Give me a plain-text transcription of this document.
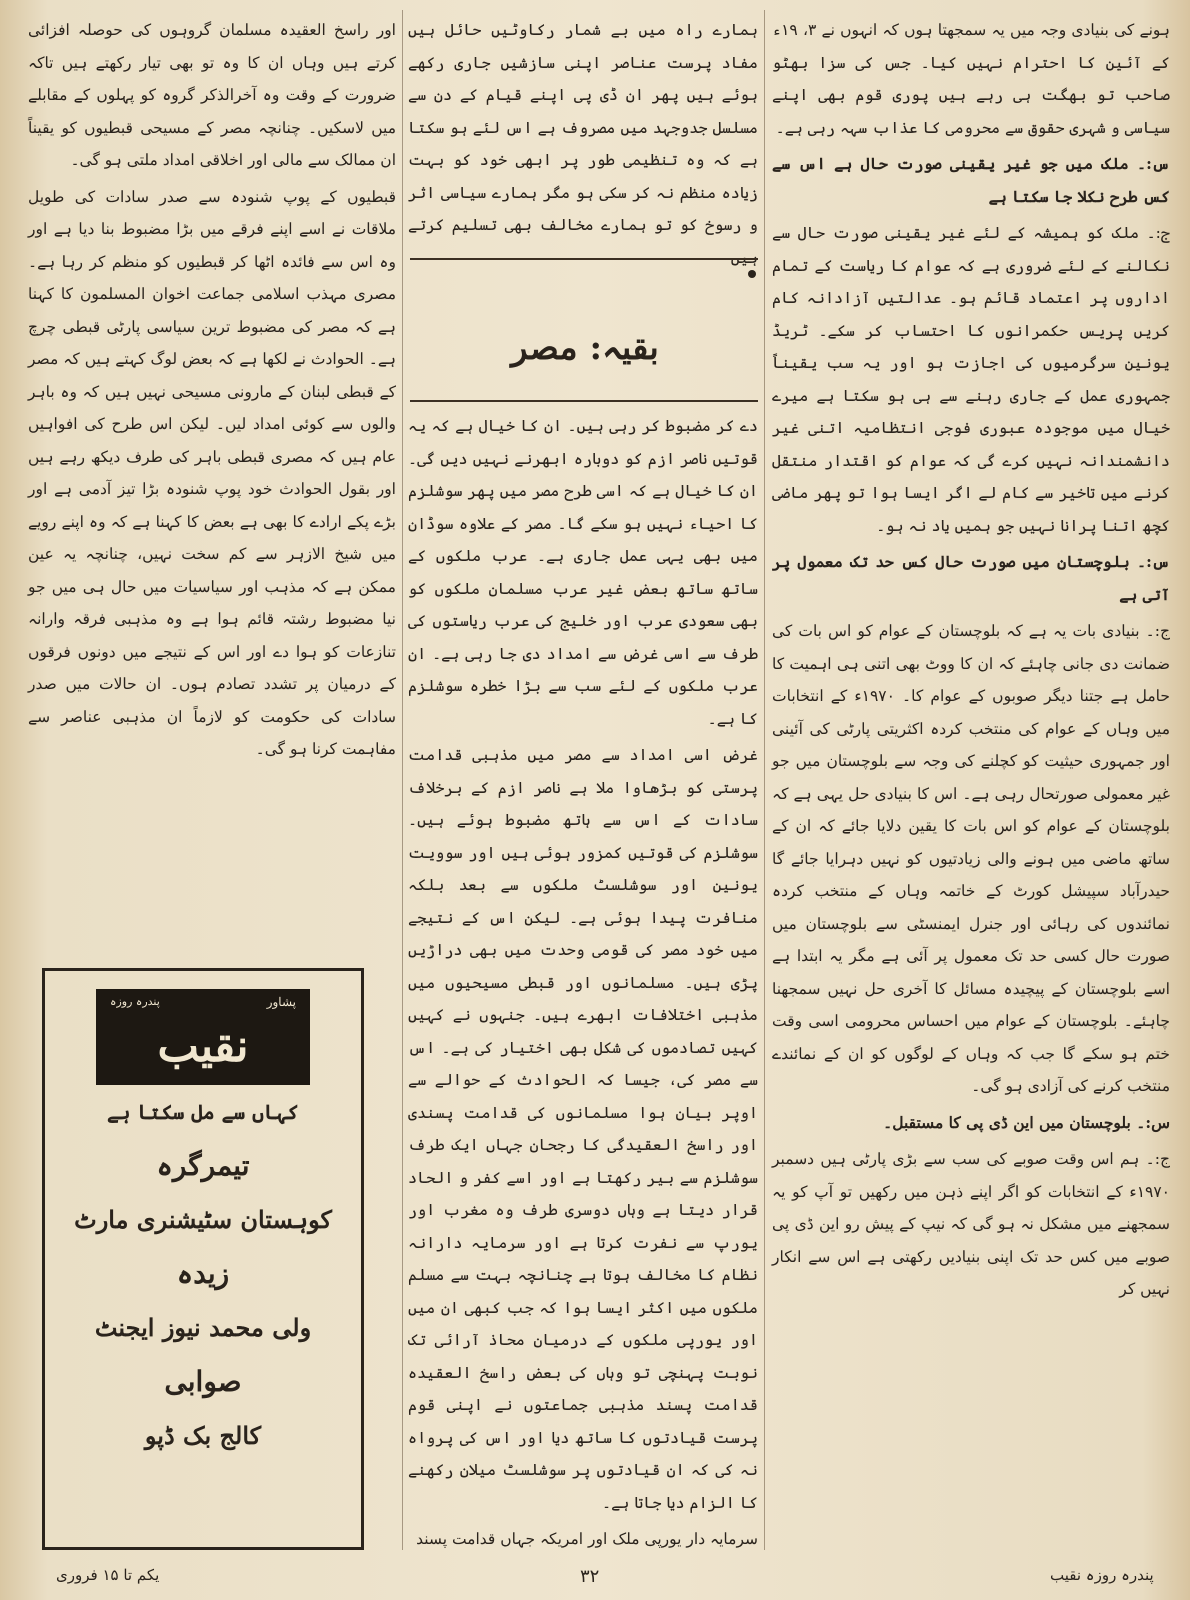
ہونے کی بنیادی وجہ میں یہ سمجھتا ہوں کہ انہوں نے ۳، ۱۹ء کے آئین کا احترام نہیں کیا۔ جس کی سزا بھٹو صاحب تو بھگت ہی رہے ہیں پوری قوم بھی اپنے سیاسی و شہری حقوق سے محرومی کا عذاب سہہ رہی ہے۔

س:۔ ملک میں جو غیر یقینی صورت حال ہے اس سے کس طرح نکلا جا سکتا ہے

ج:۔ ملک کو ہمیشہ کے لئے غیر یقینی صورت حال سے نکالنے کے لئے ضروری ہے کہ عوام کا ریاست کے تمام اداروں پر اعتماد قائم ہو۔ عدالتیں آزادانہ کام کریں پریس حکمرانوں کا احتساب کر سکے۔ ٹریڈ یونین سرگرمیوں کی اجازت ہو اور یہ سب یقیناً جمہوری عمل کے جاری رہنے سے ہی ہو سکتا ہے میرے خیال میں موجودہ عبوری فوجی انتظامیہ اتنی غیر دانشمندانہ نہیں کرے گی کہ عوام کو اقتدار منتقل کرنے میں تاخیر سے کام لے اگر ایسا ہوا تو پھر ماضی کچھ اتنا پرانا نہیں جو ہمیں یاد نہ ہو۔

س:۔ بلوچستان میں صورت حال کس حد تک معمول پر آتی ہے

ج:۔ بنیادی بات یہ ہے کہ بلوچستان کے عوام کو اس بات کی ضمانت دی جانی چاہئے کہ ان کا ووٹ بھی اتنی ہی اہمیت کا حامل ہے جتنا دیگر صوبوں کے عوام کا۔ ۱۹۷۰ء کے انتخابات میں وہاں کے عوام کی منتخب کردہ اکثریتی پارٹی کی آئینی اور جمہوری حیثیت کو کچلنے کی وجہ سے بلوچستان میں جو غیر معمولی صورتحال رہی ہے۔ اس کا بنیادی حل یہی ہے کہ بلوچستان کے عوام کو اس بات کا یقین دلایا جائے کہ ان کے ساتھ ماضی میں ہونے والی زیادتیوں کو نہیں دہرایا جائے گا حیدرآباد سپیشل کورٹ کے خاتمہ وہاں کے منتخب کردہ نمائندوں کی رہائی اور جنرل ایمنسٹی سے بلوچستان میں صورت حال کسی حد تک معمول پر آئی ہے مگر یہ ابتدا ہے اسے بلوچستان کے پیچیدہ مسائل کا آخری حل نہیں سمجھنا چاہئے۔ بلوچستان کے عوام میں احساس محرومی اسی وقت ختم ہو سکے گا جب کہ وہاں کے لوگوں کو ان کے نمائندے منتخب کرنے کی آزادی ہو گی۔

س:۔ بلوچستان میں این ڈی پی کا مستقبل۔

ج:۔ ہم اس وقت صوبے کی سب سے بڑی پارٹی ہیں دسمبر ۱۹۷۰ء کے انتخابات کو اگر اپنے ذہن میں رکھیں تو آپ کو یہ سمجھنے میں مشکل نہ ہو گی کہ نیپ کے پیش رو این ڈی پی صوبے میں کس حد تک اپنی بنیادیں رکھتی ہے اس سے انکار نہیں کر

ہمارے راہ میں بے شمار رکاوٹیں حائل ہیں مفاد پرست عناصر اپنی سازشیں جاری رکھے ہوئے ہیں پھر ان ڈی پی اپنے قیام کے دن سے مسلسل جدوجہد میں مصروف ہے اس لئے ہو سکتا ہے کہ وہ تنظیمی طور پر ابھی خود کو بہت زیادہ منظم نہ کر سکی ہو مگر ہمارے سیاسی اثر و رسوخ کو تو ہمارے مخالف بھی تسلیم کرتے

بقیہ: مصر

دے کر مضبوط کر رہی ہیں۔ ان کا خیال ہے کہ یہ قوتیں ناصر ازم کو دوبارہ ابھرنے نہیں دیں گی۔ ان کا خیال ہے کہ اسی طرح مصر میں پھر سوشلزم کا احیاء نہیں ہو سکے گا۔ مصر کے علاوہ سوڈان میں بھی یہی عمل جاری ہے۔ عرب ملکوں کے ساتھ ساتھ بعض غیر عرب مسلمان ملکوں کو بھی سعودی عرب اور خلیج کی عرب ریاستوں کی طرف سے اسی غرض سے امداد دی جا رہی ہے۔ ان عرب ملکوں کے لئے سب سے بڑا خطرہ سوشلزم کا ہے۔

غرض اسی امداد سے مصر میں مذہبی قدامت پرستی کو بڑھاوا ملا ہے ناصر ازم کے برخلاف سادات کے اس سے ہاتھ مضبوط ہوئے ہیں۔ سوشلزم کی قوتیں کمزور ہوئی ہیں اور سوویت یونین اور سوشلسٹ ملکوں سے بعد بلکہ منافرت پیدا ہوئی ہے۔ لیکن اس کے نتیجے میں خود مصر کی قومی وحدت میں بھی دراڑیں پڑی ہیں۔ مسلمانوں اور قبطی مسیحیوں میں مذہبی اختلافات ابھرے ہیں۔ جنہوں نے کہیں کہیں تصادموں کی شکل بھی اختیار کی ہے۔ اس سے مصر کی، جیسا کہ الحوادث کے حوالے سے اوپر بیان ہوا مسلمانوں کی قدامت پسندی اور راسخ العقیدگی کا رجحان جہاں ایک طرف سوشلزم سے بیر رکھتا ہے اور اسے کفر و الحاد قرار دیتا ہے وہاں دوسری طرف وہ مغرب اور یورپ سے نفرت کرتا ہے اور سرمایہ دارانہ نظام کا مخالف ہوتا ہے چنانچہ بہت سے مسلم ملکوں میں اکثر ایسا ہوا کہ جب کبھی ان میں اور یورپی ملکوں کے درمیان محاذ آرائی تک نوبت پہنچی تو وہاں کی بعض راسخ العقیدہ قدامت پسند مذہبی جماعتوں نے اپنی قوم پرست قیادتوں کا ساتھ دیا اور اس کی پرواہ نہ کی کہ ان قیادتوں پر سوشلسٹ میلان رکھنے کا الزام دیا جاتا ہے۔

سرمایہ دار یورپی ملک اور امریکہ جہاں قدامت پسند

اور راسخ العقیدہ مسلمان گروہوں کی حوصلہ افزائی کرتے ہیں وہاں ان کا وہ تو بھی تیار رکھتے ہیں تاکہ ضرورت کے وقت وہ آخرالذکر گروہ کو پہلوں کے مقابلے میں لاسکیں۔ چنانچہ مصر کے مسیحی قبطیوں کو یقیناً ان ممالک سے مالی اور اخلاقی امداد ملتی ہو گی۔

قبطیوں کے پوپ شنودہ سے صدر سادات کی طویل ملاقات نے اسے اپنے فرقے میں بڑا مضبوط بنا دیا ہے اور وہ اس سے فائدہ اٹھا کر قبطیوں کو منظم کر رہا ہے۔ مصری مہذب اسلامی جماعت اخوان المسلمون کا کہنا ہے کہ مصر کی مضبوط ترین سیاسی پارٹی قبطی چرچ ہے۔ الحوادث نے لکھا ہے کہ بعض لوگ کہتے ہیں کہ مصر کے قبطی لبنان کے مارونی مسیحی نہیں ہیں کہ وہ باہر والوں سے کوئی امداد لیں۔ لیکن اس طرح کی افواہیں عام ہیں کہ مصری قبطی باہر کی طرف دیکھ رہے ہیں اور بقول الحوادث خود پوپ شنودہ بڑا تیز آدمی ہے اور بڑے پکے ارادے کا بھی ہے بعض کا کہنا ہے کہ وہ اپنے رویے میں شیخ الازہر سے کم سخت نہیں، چنانچہ یہ عین ممکن ہے کہ مذہب اور سیاسیات میں حال ہی میں جو نیا مضبوط رشتہ قائم ہوا ہے وہ مذہبی فرقہ وارانہ تنازعات کو ہوا دے اور اس کے نتیجے میں دونوں فرقوں کے درمیان پر تشدد تصادم ہوں۔ ان حالات میں صدر سادات کی حکومت کو لازماً ان مذہبی عناصر سے مفاہمت کرنا ہو گی۔

پشاور
پندرہ روزہ
نقیب
کہاں سے مل سکتا ہے
تیمرگرہ
کوہستان سٹیشنری مارٹ
زیدہ
ولی محمد نیوز ایجنٹ
صوابی
کالج بک ڈپو
یکم تا ۱۵ فروری	۳۲	پندرہ روزہ نقیب
